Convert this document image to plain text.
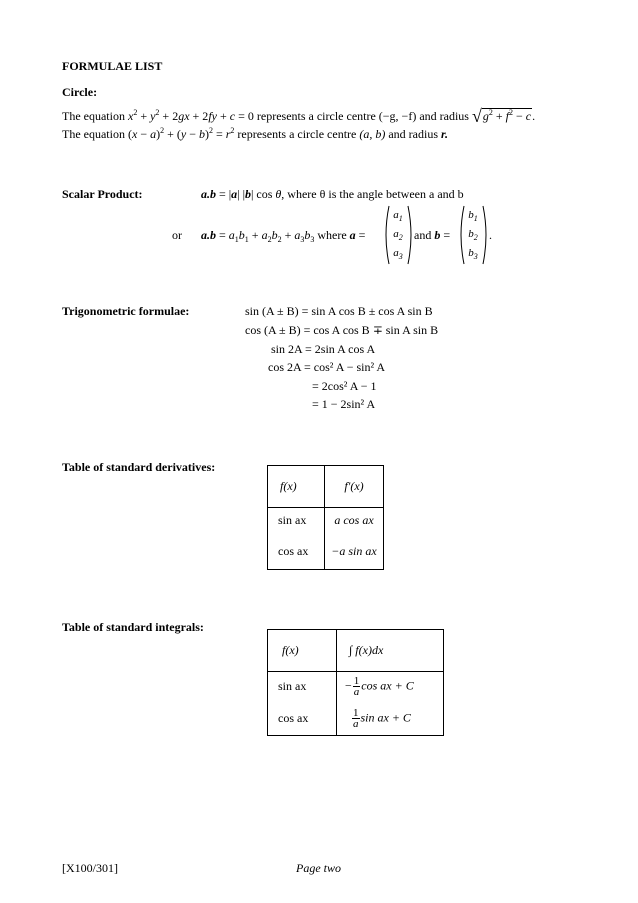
FORMULAE LIST
Circle:
The equation $x^2 + y^2 + 2gx + 2fy + c = 0$ represents a circle centre (−g, −f) and radius $√g^2 + f^2 - c$.
The equation $(x - a)^2 + (y - b)^2 = r^2$ represents a circle centre (a, b) and radius r.
Scalar Product:	a.b = |a| |b| cos θ, where θ is the angle between a and b
or $a.b = a_1b_1 + a_2b_2 + a_3b_3$ where a =
$a_1$
$a_2$
$a_3$
and b =
$b_1$
$b_2$
$b_3$
.
Trigonometric formulae:	sin (A ± B) = sin A cos B ± cos A sin B
cos (A ± B) = cos A cos B ∓ sin A sin B
sin 2A = 2sin A cos A
cos 2A = cos² A − sin² A
= 2cos² A − 1
= 1 − 2sin² A
Table of standard derivatives:
f(x)	f′(x)
sin ax	a cos ax
cos ax	−a sin ax
Table of standard integrals:
f(x)	∫ f(x)dx
sin ax	− $\frac{1}{a}$ cos ax + C
cos ax	$\frac{1}{a}$ sin ax + C
[X100/301]	Page two
